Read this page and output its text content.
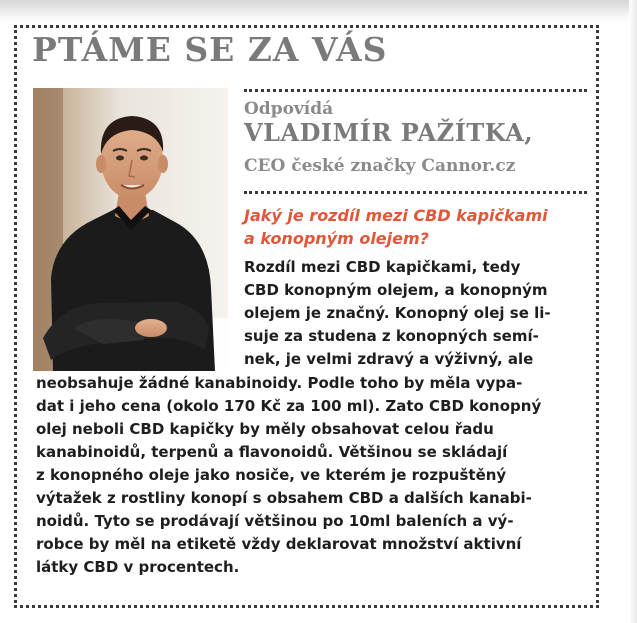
PTÁME SE ZA VÁS
Odpovídá
VLADIMÍR PAŽÍTKA,
CEO české značky Cannor.cz
Jaký je rozdíl mezi CBD kapičkami
a konopným olejem?
Rozdíl mezi CBD kapičkami, tedy
CBD konopným olejem, a konopným
olejem je značný. Konopný olej se li-
suje za studena z konopných semí-
nek, je velmi zdravý a výživný, ale
neobsahuje žádné kanabinoidy. Podle toho by měla vypa-
dat i jeho cena (okolo 170 Kč za 100 ml). Zato CBD konopný
olej neboli CBD kapičky by měly obsahovat celou řadu
kanabinoidů, terpenů a flavonoidů. Většinou se skládají
z konopného oleje jako nosiče, ve kterém je rozpuštěný
výtažek z rostliny konopí s obsahem CBD a dalších kanabi-
noidů. Tyto se prodávají většinou po 10ml baleních a vý-
robce by měl na etiketě vždy deklarovat množství aktivní
látky CBD v procentech.
